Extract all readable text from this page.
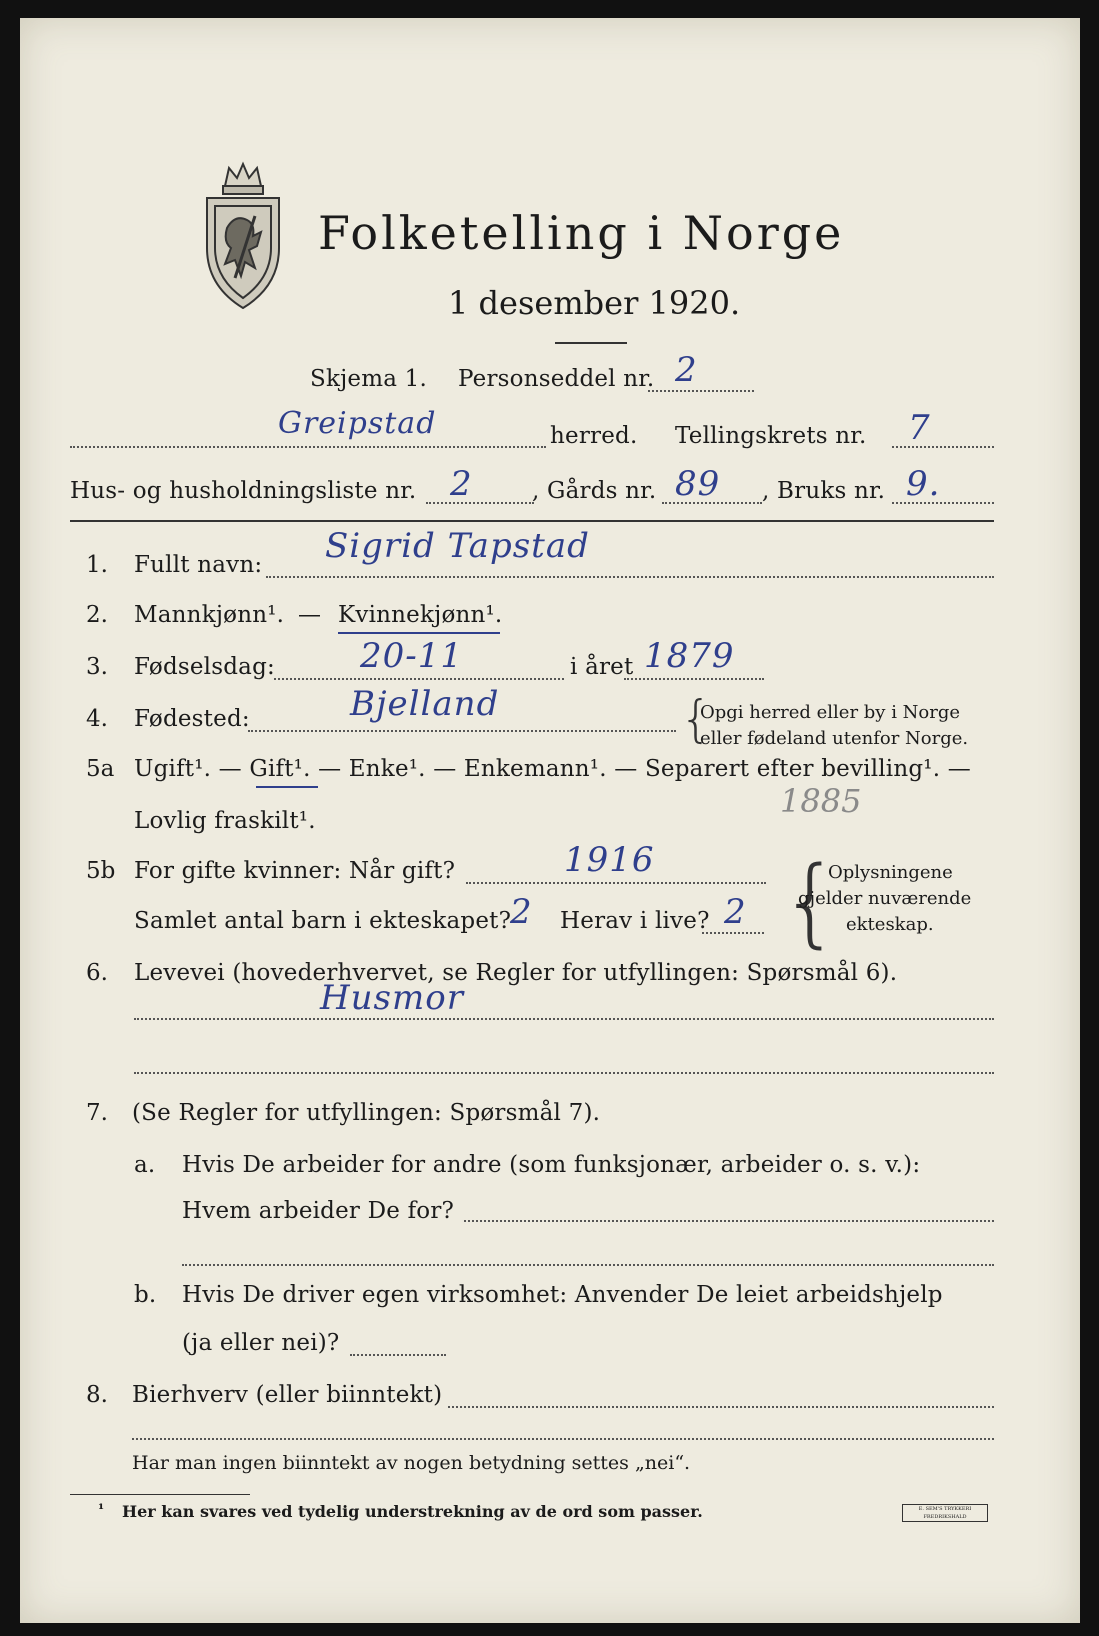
Folketelling i Norge
1 desember 1920.
Skjema 1. Personseddel nr. 2
Greipstad	herred. Tellingskrets nr. 7
Hus- og husholdningsliste nr. 2	, Gårds nr. 89 , Bruks nr. 9.
1. Fullt navn: Sigrid Tapstad
2. Mannkjønn¹. — Kvinnekjønn¹.
3. Fødselsdag:	20-11	i året 1879
4. Fødested:	Bjelland	{
Opgi herred eller by i Norge
eller fødeland utenfor Norge.
5a Ugift¹. — Gift¹. — Enke¹. — Enkemann¹. — Separert efter bevilling¹. —
Lovlig fraskilt¹.
1885
5b For gifte kvinner: Når gift?	1916
Samlet antal barn i ekteskapet?
2 Herav i live? 2 {
Oplysningene
gjelder nuværende
ekteskap.
6. Levevei (hovederhvervet, se Regler for utfyllingen: Spørsmål 6).
Husmor
7. (Se Regler for utfyllingen: Spørsmål 7).
a. Hvis De arbeider for andre (som funksjonær, arbeider o. s. v.):
Hvem arbeider De for?
b. Hvis De driver egen virksomhet: Anvender De leiet arbeidshjelp
(ja eller nei)?
8. Bierhverv (eller biinntekt)
Har man ingen biinntekt av nogen betydning settes „nei“.
¹ Her kan svares ved tydelig understrekning av de ord som passer.	E. SEM'S TRYKKERI FREDRIKSHALD
